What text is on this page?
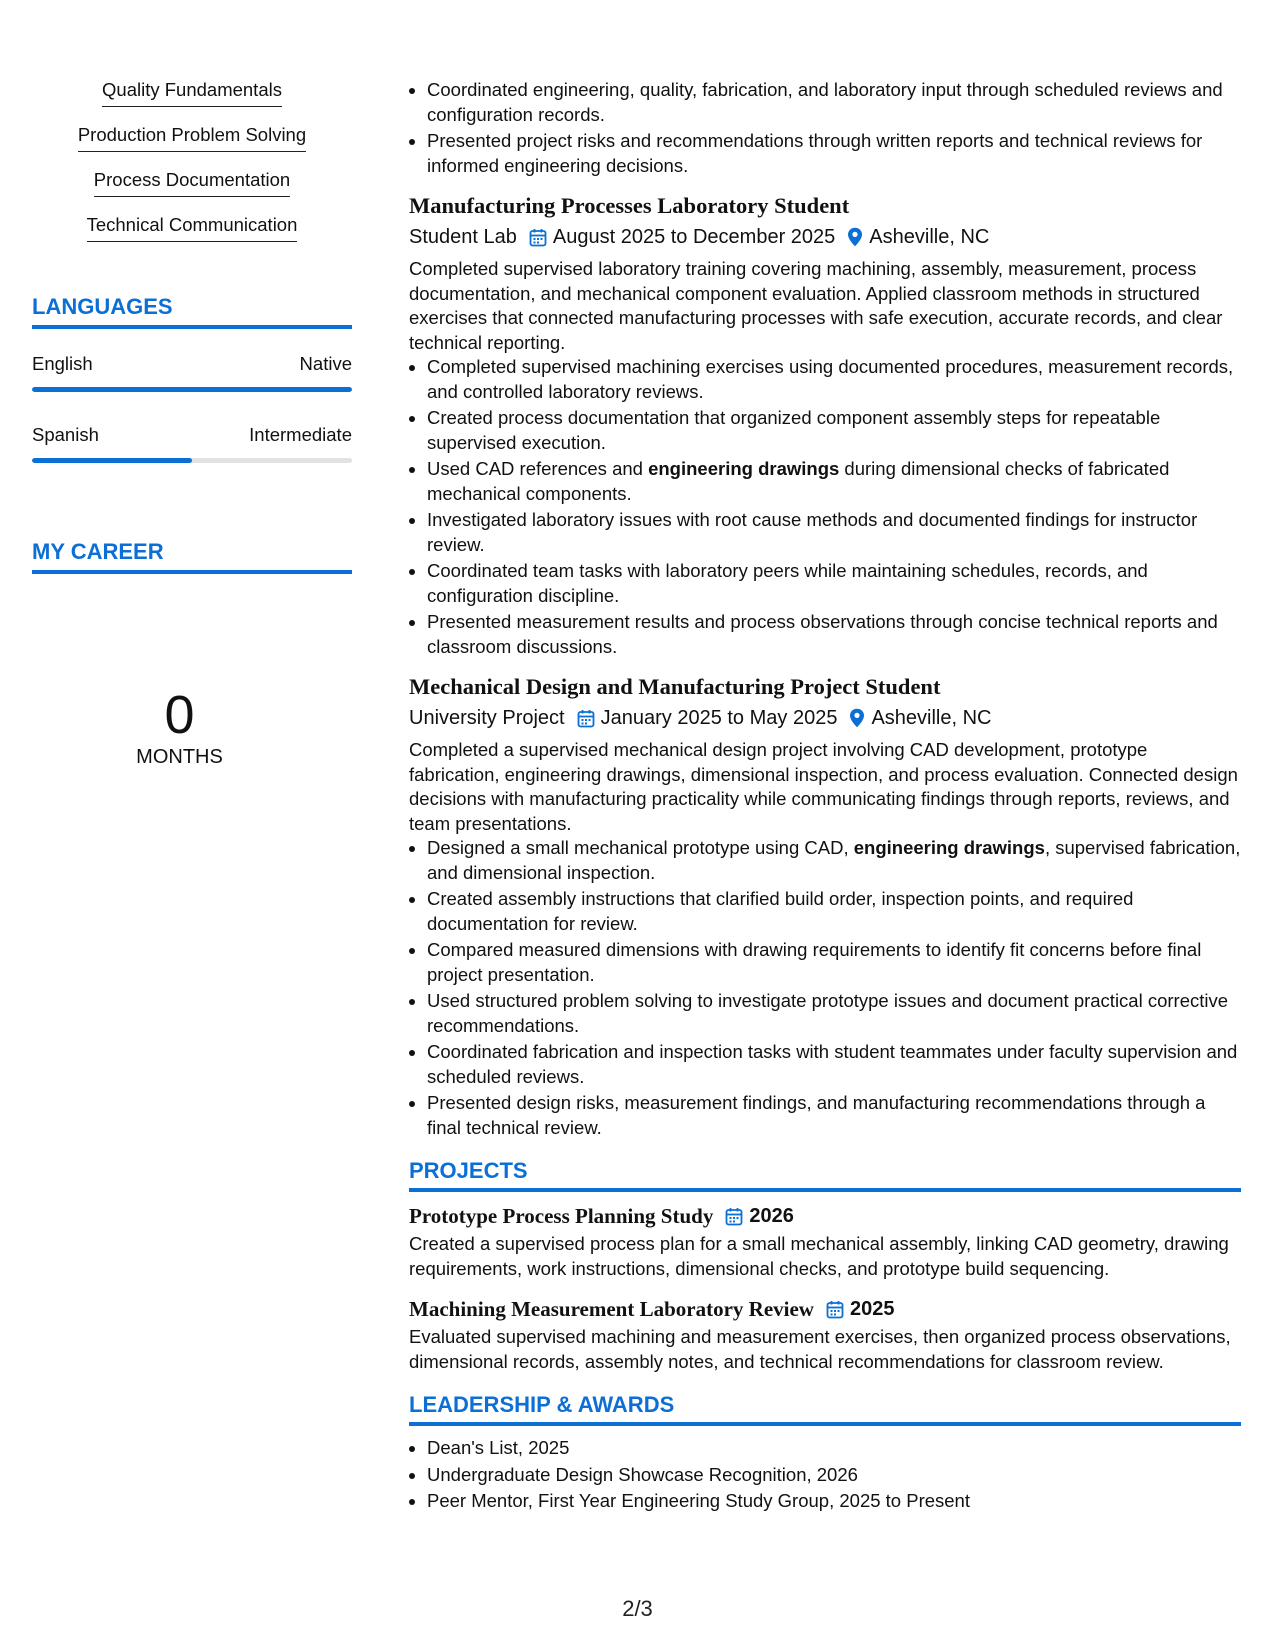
Quality Fundamentals
Production Problem Solving
Process Documentation
Technical Communication
LANGUAGES
English	Native
Spanish	Intermediate
MY CAREER
0
MONTHS
• Coordinated engineering, quality, fabrication, and laboratory input through scheduled reviews and configuration records.
• Presented project risks and recommendations through written reports and technical reviews for informed engineering decisions.
Manufacturing Processes Laboratory Student
Student Lab August 2025 to December 2025 Asheville, NC

Completed supervised laboratory training covering machining, assembly, measurement, process documentation, and mechanical component evaluation. Applied classroom methods in structured exercises that connected manufacturing processes with safe execution, accurate records, and clear technical reporting.

• Completed supervised machining exercises using documented procedures, measurement records, and controlled laboratory reviews.
• Created process documentation that organized component assembly steps for repeatable supervised execution.
• Used CAD references and engineering drawings during dimensional checks of fabricated mechanical components.
• Investigated laboratory issues with root cause methods and documented findings for instructor review.
• Coordinated team tasks with laboratory peers while maintaining schedules, records, and configuration discipline.
• Presented measurement results and process observations through concise technical reports and classroom discussions.
Mechanical Design and Manufacturing Project Student
University Project January 2025 to May 2025 Asheville, NC

Completed a supervised mechanical design project involving CAD development, prototype fabrication, engineering drawings, dimensional inspection, and process evaluation. Connected design decisions with manufacturing practicality while communicating findings through reports, reviews, and team presentations.

• Designed a small mechanical prototype using CAD, engineering drawings, supervised fabrication, and dimensional inspection.
• Created assembly instructions that clarified build order, inspection points, and required documentation for review.
• Compared measured dimensions with drawing requirements to identify fit concerns before final project presentation.
• Used structured problem solving to investigate prototype issues and document practical corrective recommendations.
• Coordinated fabrication and inspection tasks with student teammates under faculty supervision and scheduled reviews.
• Presented design risks, measurement findings, and manufacturing recommendations through a final technical review.
PROJECTS
Prototype Process Planning Study 2026

Created a supervised process plan for a small mechanical assembly, linking CAD geometry, drawing requirements, work instructions, dimensional checks, and prototype build sequencing.

Machining Measurement Laboratory Review 2025

Evaluated supervised machining and measurement exercises, then organized process observations, dimensional records, assembly notes, and technical recommendations for classroom review.

LEADERSHIP & AWARDS
• Dean's List, 2025
• Undergraduate Design Showcase Recognition, 2026
• Peer Mentor, First Year Engineering Study Group, 2025 to Present
2/3
